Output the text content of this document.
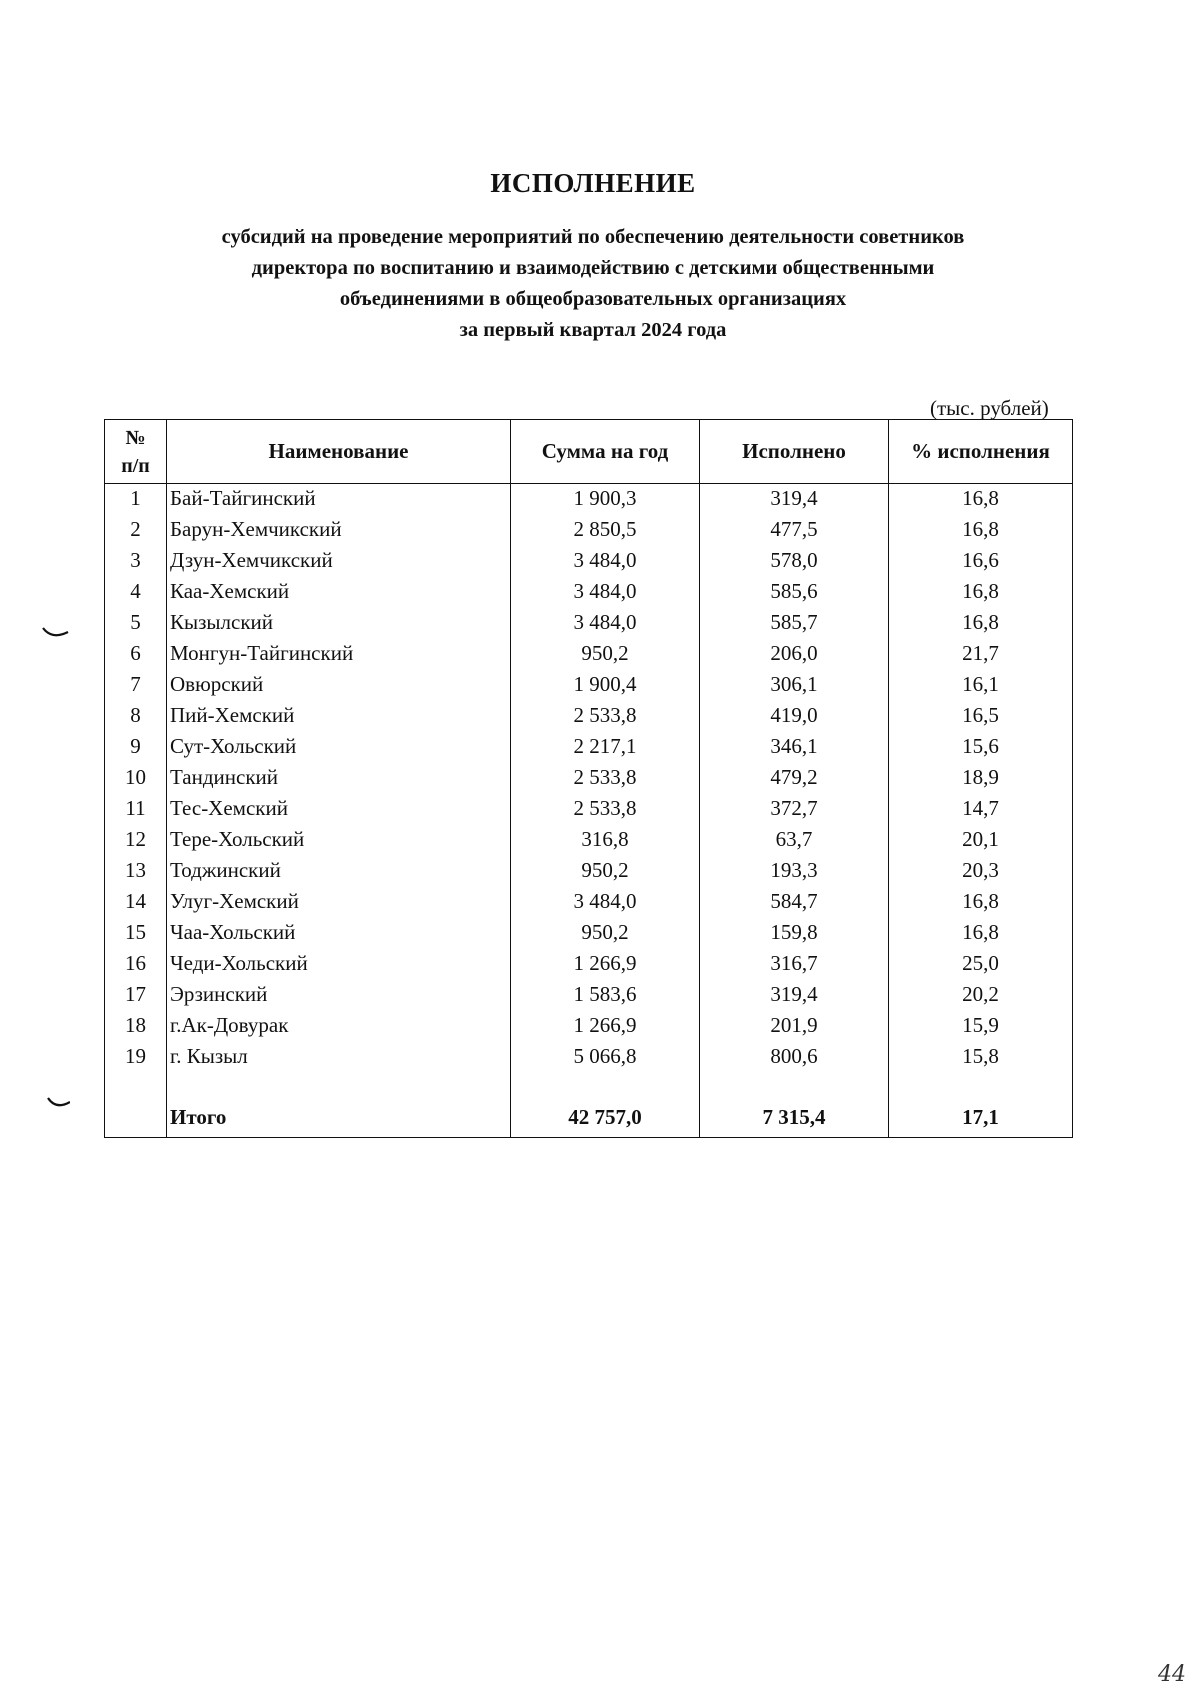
ИСПОЛНЕНИЕ
субсидий на проведение мероприятий по обеспечению деятельности советников
директора по воспитанию и взаимодействию с детскими общественными
объединениями в общеобразовательных организациях
за первый квартал 2024 года
(тыс. рублей)
№
п/п	Наименование	Сумма на год	Исполнено	% исполнения
1	Бай-Тайгинский	1 900,3	319,4	16,8
2	Барун-Хемчикский	2 850,5	477,5	16,8
3	Дзун-Хемчикский	3 484,0	578,0	16,6
4	Каа-Хемский	3 484,0	585,6	16,8
5	Кызылский	3 484,0	585,7	16,8
6	Монгун-Тайгинский	950,2	206,0	21,7
7	Овюрский	1 900,4	306,1	16,1
8	Пий-Хемский	2 533,8	419,0	16,5
9	Сут-Хольский	2 217,1	346,1	15,6
10	Тандинский	2 533,8	479,2	18,9
11	Тес-Хемский	2 533,8	372,7	14,7
12	Тере-Хольский	316,8	63,7	20,1
13	Тоджинский	950,2	193,3	20,3
14	Улуг-Хемский	3 484,0	584,7	16,8
15	Чаа-Хольский	950,2	159,8	16,8
16	Чеди-Хольский	1 266,9	316,7	25,0
17	Эрзинский	1 583,6	319,4	20,2
18	г.Ак-Довурак	1 266,9	201,9	15,9
19	г. Кызыл	5 066,8	800,6	15,8

	Итого	42 757,0	7 315,4	17,1
44
